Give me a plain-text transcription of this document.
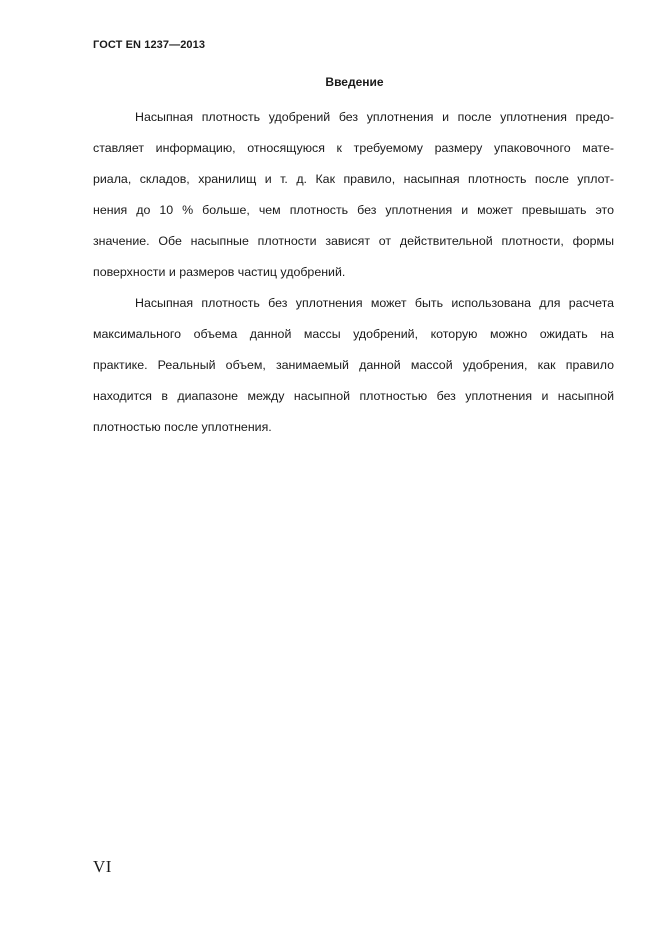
ГОСТ EN 1237—2013
Введение
Насыпная плотность удобрений без уплотнения и после уплотнения предо-
ставляет информацию, относящуюся к требуемому размеру упаковочного мате-
риала, складов, хранилищ и т. д. Как правило, насыпная плотность после уплот-
нения до 10 % больше, чем плотность без уплотнения и может превышать это
значение. Обе насыпные плотности зависят от действительной плотности, формы
поверхности и размеров частиц удобрений.
Насыпная плотность без уплотнения может быть использована для расчета
максимального объема данной массы удобрений, которую можно ожидать на
практике. Реальный объем, занимаемый данной массой удобрения, как правило
находится в диапазоне между насыпной плотностью без уплотнения и насыпной
плотностью после уплотнения.
VI
